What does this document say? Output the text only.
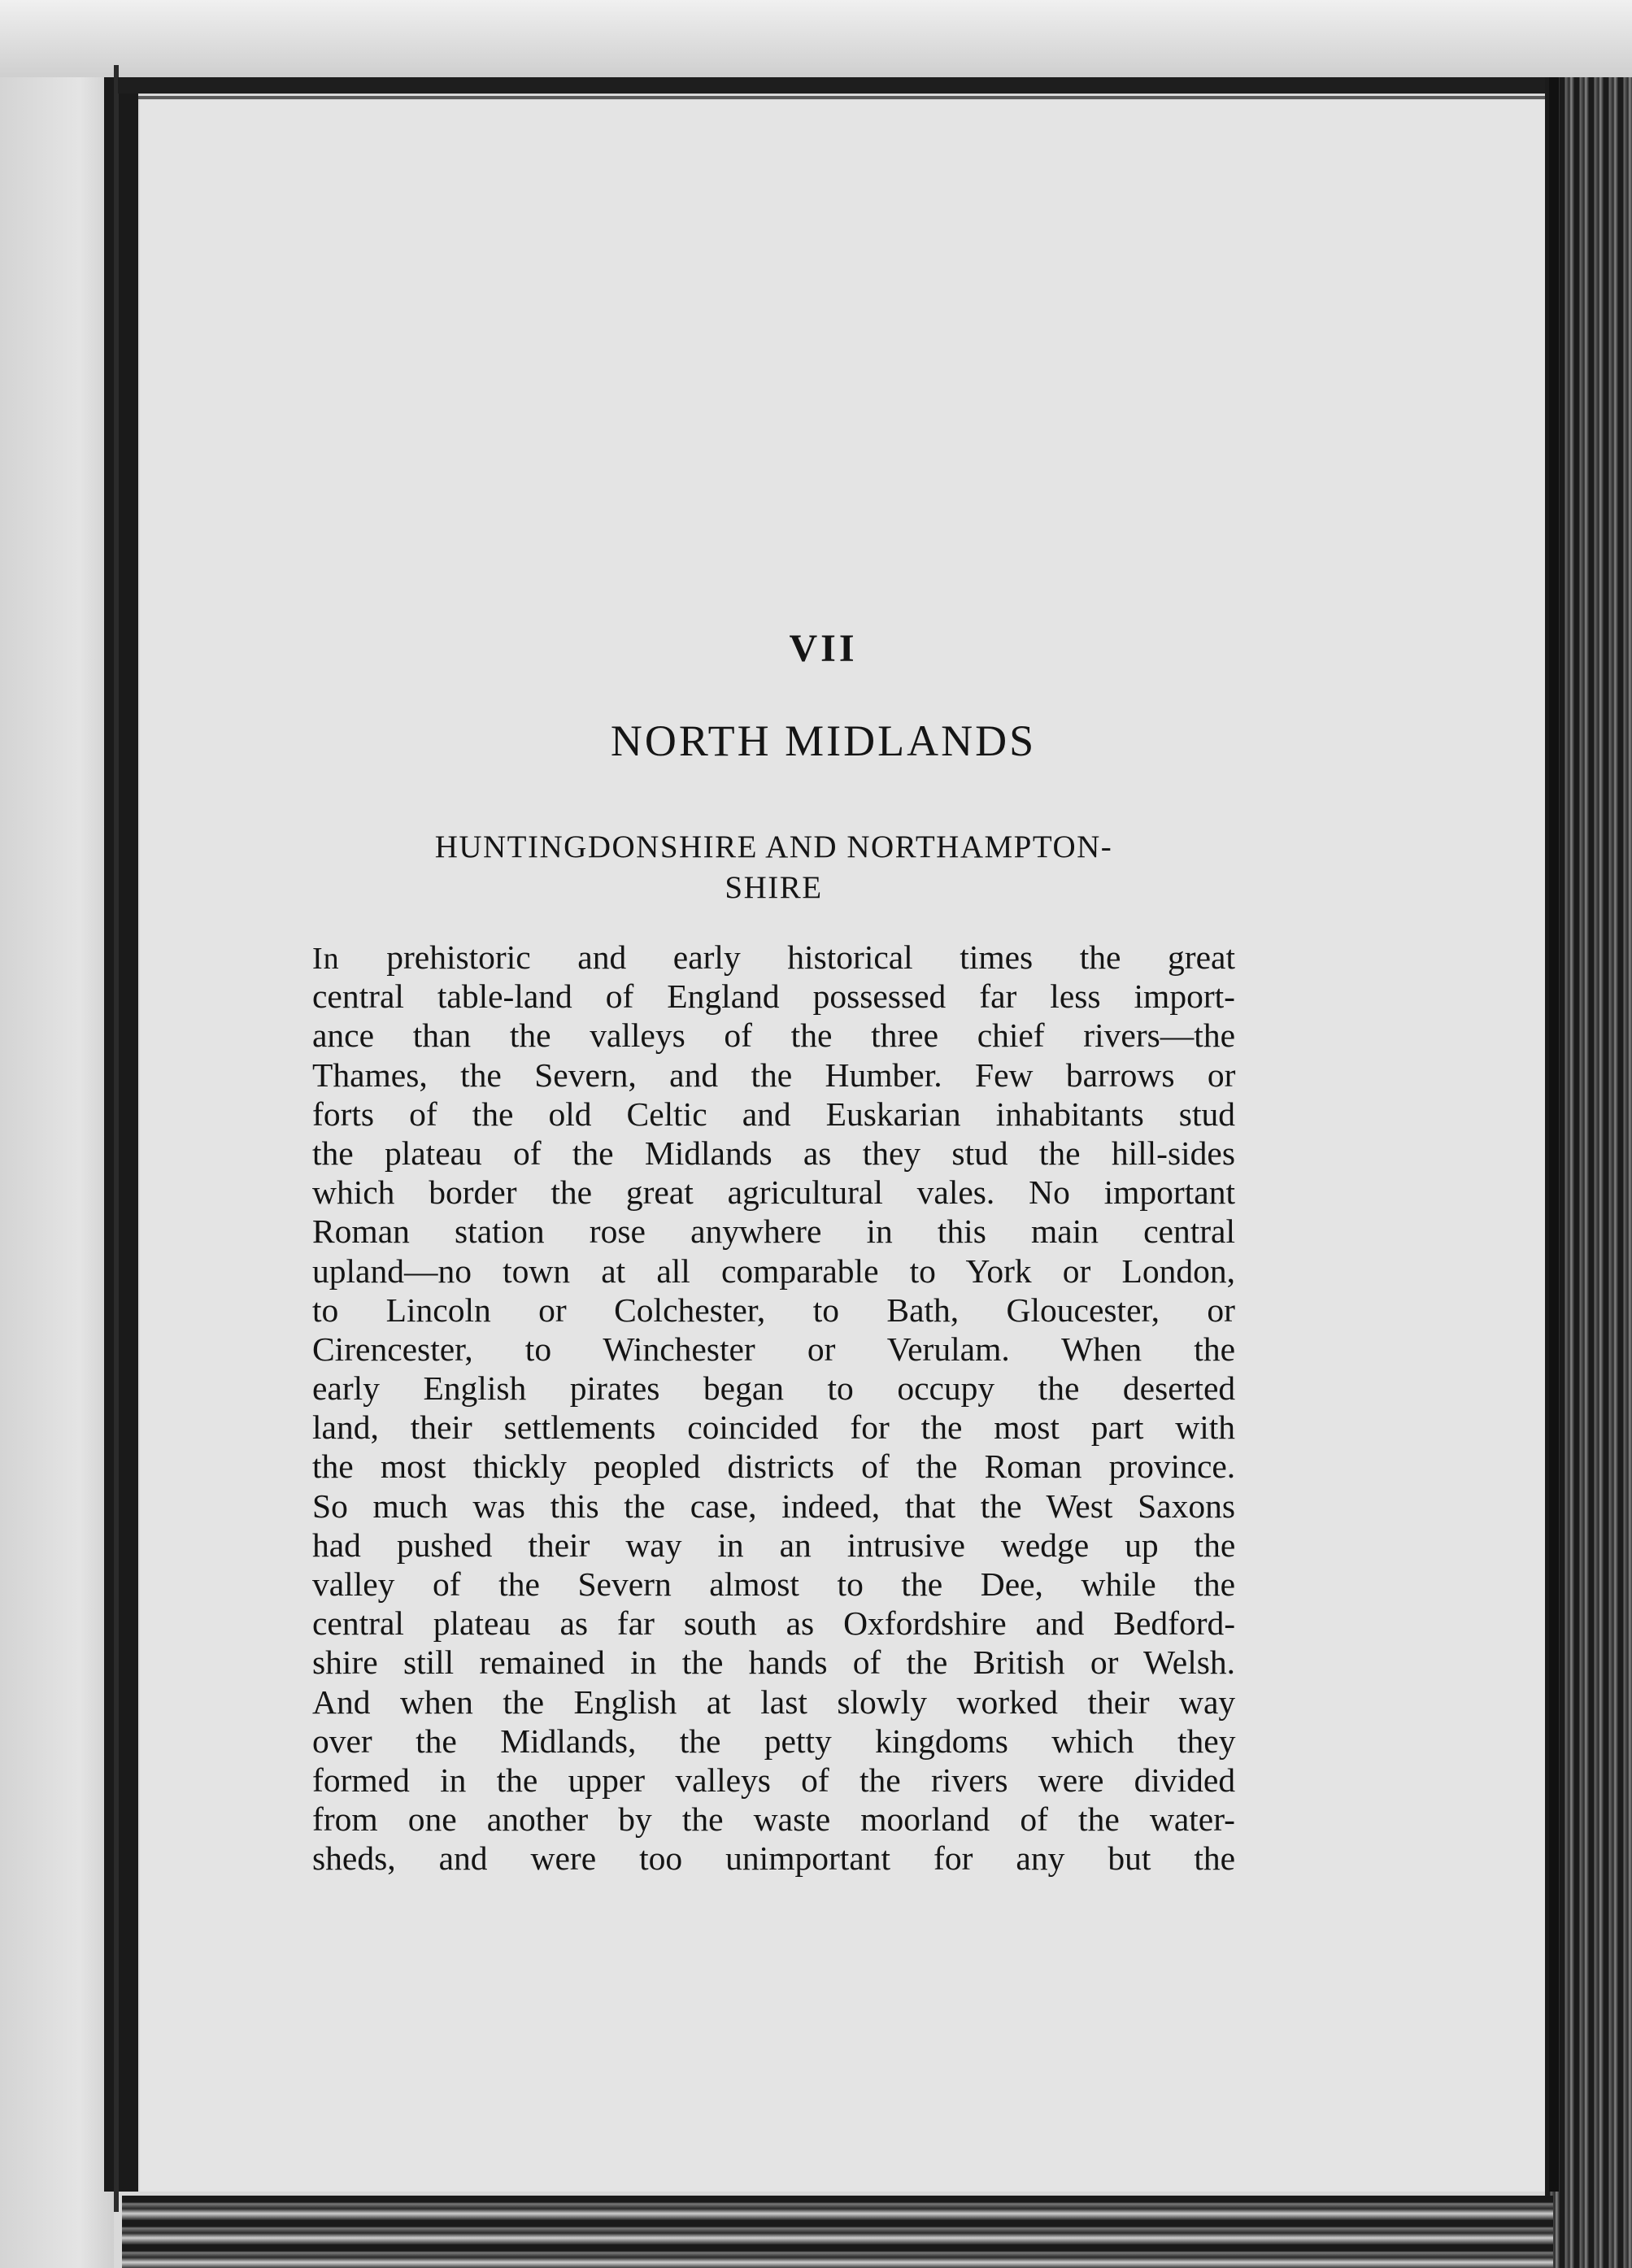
VII
NORTH MIDLANDS
HUNTINGDONSHIRE AND NORTHAMPTON-
SHIRE
In prehistoric and early historical times the great
central table-land of England possessed far less import-
ance than the valleys of the three chief rivers—the
Thames, the Severn, and the Humber. Few barrows or
forts of the old Celtic and Euskarian inhabitants stud
the plateau of the Midlands as they stud the hill-sides
which border the great agricultural vales. No important
Roman station rose anywhere in this main central
upland—no town at all comparable to York or London,
to Lincoln or Colchester, to Bath, Gloucester, or
Cirencester, to Winchester or Verulam. When the
early English pirates began to occupy the deserted
land, their settlements coincided for the most part with
the most thickly peopled districts of the Roman province.
So much was this the case, indeed, that the West Saxons
had pushed their way in an intrusive wedge up the
valley of the Severn almost to the Dee, while the
central plateau as far south as Oxfordshire and Bedford-
shire still remained in the hands of the British or Welsh.
And when the English at last slowly worked their way
over the Midlands, the petty kingdoms which they
formed in the upper valleys of the rivers were divided
from one another by the waste moorland of the water-
sheds, and were too unimportant for any but the
